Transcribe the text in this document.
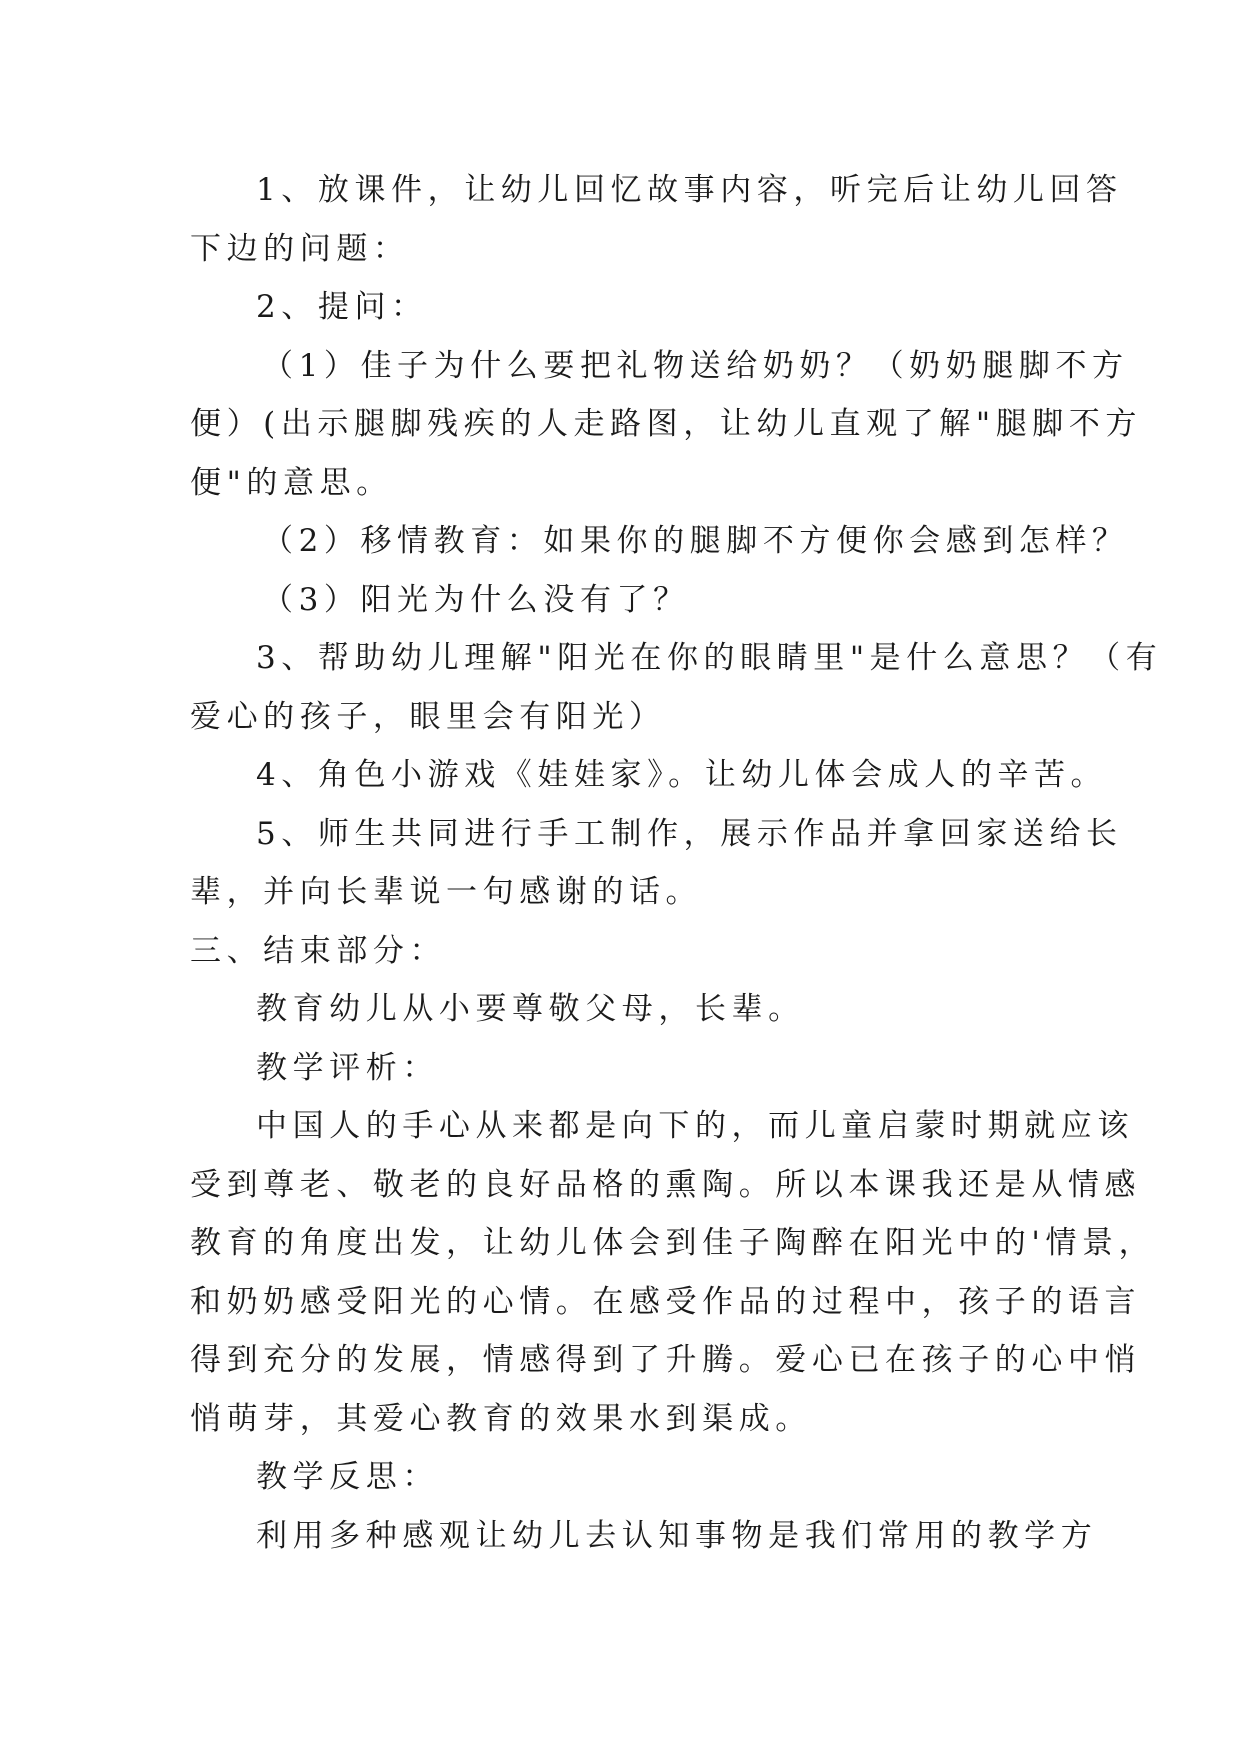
1、放课件，让幼儿回忆故事内容，听完后让幼儿回答
下边的问题：
2、提问：
（1）佳子为什么要把礼物送给奶奶？（奶奶腿脚不方
便）(出示腿脚残疾的人走路图，让幼儿直观了解"腿脚不方
便"的意思。
（2）移情教育：如果你的腿脚不方便你会感到怎样？
（3）阳光为什么没有了？
3、帮助幼儿理解"阳光在你的眼睛里"是什么意思？（有
爱心的孩子，眼里会有阳光）
4、角色小游戏《娃娃家》。让幼儿体会成人的辛苦。
5、师生共同进行手工制作，展示作品并拿回家送给长
辈，并向长辈说一句感谢的话。
三、结束部分：
教育幼儿从小要尊敬父母，长辈。
教学评析：
中国人的手心从来都是向下的，而儿童启蒙时期就应该
受到尊老、敬老的良好品格的熏陶。所以本课我还是从情感
教育的角度出发，让幼儿体会到佳子陶醉在阳光中的'情景，
和奶奶感受阳光的心情。在感受作品的过程中，孩子的语言
得到充分的发展，情感得到了升腾。爱心已在孩子的心中悄
悄萌芽，其爱心教育的效果水到渠成。
教学反思：
利用多种感观让幼儿去认知事物是我们常用的教学方
